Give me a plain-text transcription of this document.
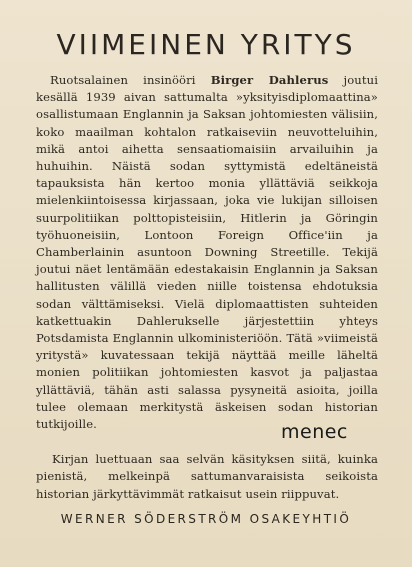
VIIMEINEN YRITYS

Ruotsalainen insinööri Birger Dahlerus joutui kesällä 1939 aivan sattumalta »yksityisdiplomaattina» osallistumaan Englannin ja Saksan johtomiesten välisiin, koko maailman kohtalon ratkaiseviin neuvotteluihin, mikä antoi aihetta sensaatiomaisiin arvailuihin ja huhuihin. Näistä sodan syttymistä edeltäneistä tapauksista hän kertoo monia yllättäviä seikkoja mielenkiintoisessa kirjassaan, joka vie lukijan silloisen suurpolitiikan polttopisteisiin, Hitlerin ja Göringin työhuoneisiin, Lontoon Foreign Office'iin ja Chamberlainin asuntoon Downing Streetille. Tekijä joutui näet lentämään edestakaisin Englannin ja Saksan hallitusten välillä vieden niille toistensa ehdotuksia sodan välttämiseksi. Vielä diplomaattisten suhteiden katkettuakin Dahlerukselle järjestettiin yhteys Potsdamista Englannin ulkoministeriöön. Tätä »viimeistä yritystä» kuvatessaan tekijä näyttää meille läheltä monien politiikan johtomiesten kasvot ja paljastaa yllättäviä, tähän asti salassa pysyneitä asioita, joilla tulee olemaan merkitystä äskeisen sodan historian tutkijoille.

Kirjan luettuaan saa selvän käsityksen siitä, kuinka pienistä, melkeinpä sattumanvaraisista seikoista historian järkyttävimmät ratkaisut usein riippuvat.

menec
WERNER SÖDERSTRÖM OSAKEYHTIÖ
